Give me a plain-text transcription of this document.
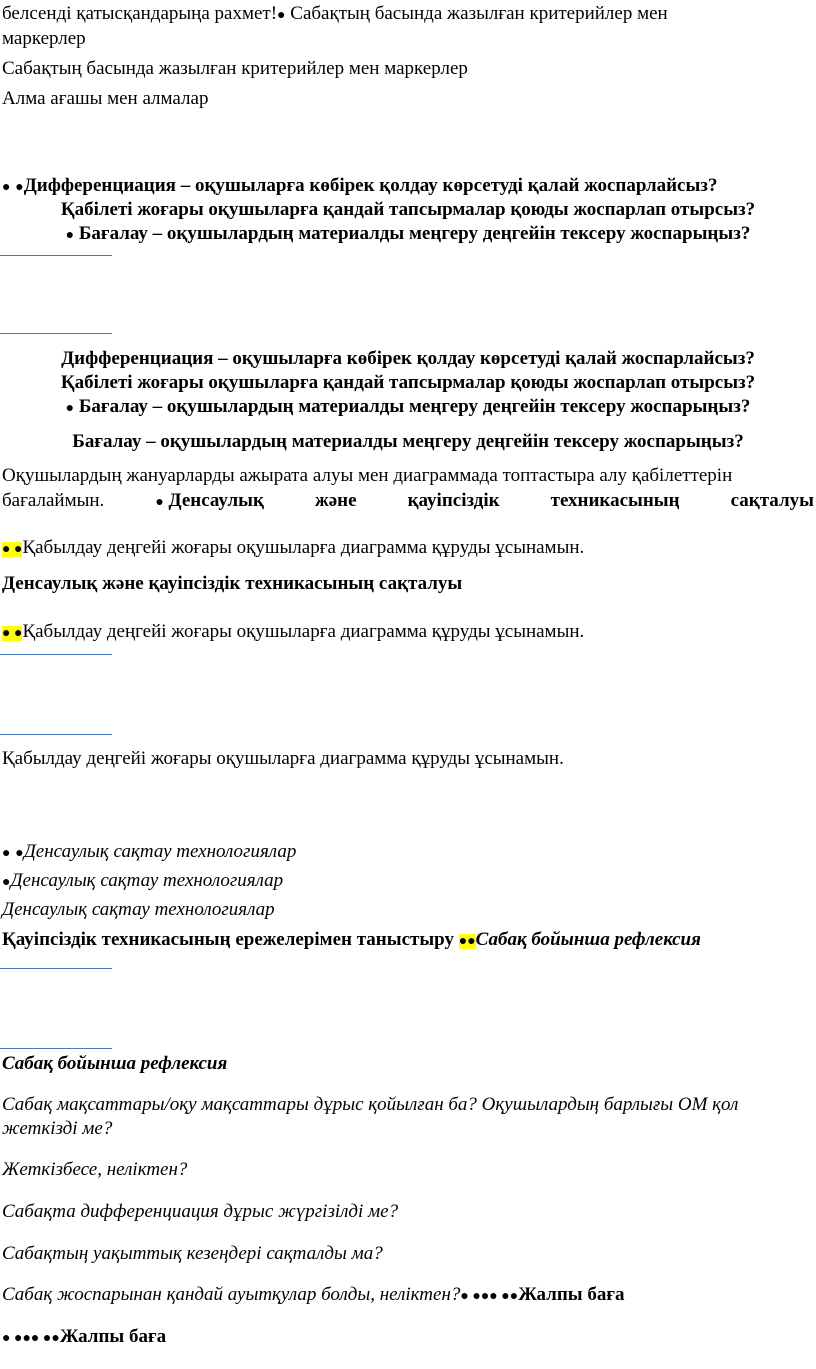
белсенді қатысқандарыңа рахмет!● Сабақтың басында жазылған критерийлер мен
маркерлер
Сабақтың басында жазылған критерийлер мен маркерлер
Алма ағашы мен алмалар
● ●Дифференциация – оқушыларға көбірек қолдау көрсетуді қалай жоспарлайсыз?
Қабілеті жоғары оқушыларға қандай тапсырмалар қоюды жоспарлап отырсыз?
● Бағалау – оқушылардың материалды меңгеру деңгейін тексеру жоспарыңыз?
Дифференциация – оқушыларға көбірек қолдау көрсетуді қалай жоспарлайсыз?
Қабілеті жоғары оқушыларға қандай тапсырмалар қоюды жоспарлап отырсыз?
● Бағалау – оқушылардың материалды меңгеру деңгейін тексеру жоспарыңыз?
Бағалау – оқушылардың материалды меңгеру деңгейін тексеру жоспарыңыз?
Оқушылардың жануарларды ажырата алуы мен диаграммада топтастыра алу қабілеттерін
бағалаймын.	● Денсаулық	және	қауіпсіздік	техникасының	сақталуы
● ●Қабылдау деңгейі жоғары оқушыларға диаграмма құруды ұсынамын.
Денсаулық және қауіпсіздік техникасының сақталуы
● ●Қабылдау деңгейі жоғары оқушыларға диаграмма құруды ұсынамын.
Қабылдау деңгейі жоғары оқушыларға диаграмма құруды ұсынамын.
● ●Денсаулық сақтау технологиялар
●Денсаулық сақтау технологиялар
Денсаулық сақтау технологиялар
Қауіпсіздік техникасының ережелерімен таныстыру ●●Сабақ бойынша рефлексия
Сабақ бойынша рефлексия
Сабақ мақсаттары/оқу мақсаттары дұрыс қойылған ба? Оқушылардың барлығы ОМ қол
жеткізді ме?
Жеткізбесе, неліктен?
Сабақта дифференциация дұрыс жүргізілді ме?
Сабақтың уақыттық кезеңдері сақталды ма?
Сабақ жоспарынан қандай ауытқулар болды, неліктен?● ●●● ●●Жалпы баға
● ●●● ●●Жалпы баға
